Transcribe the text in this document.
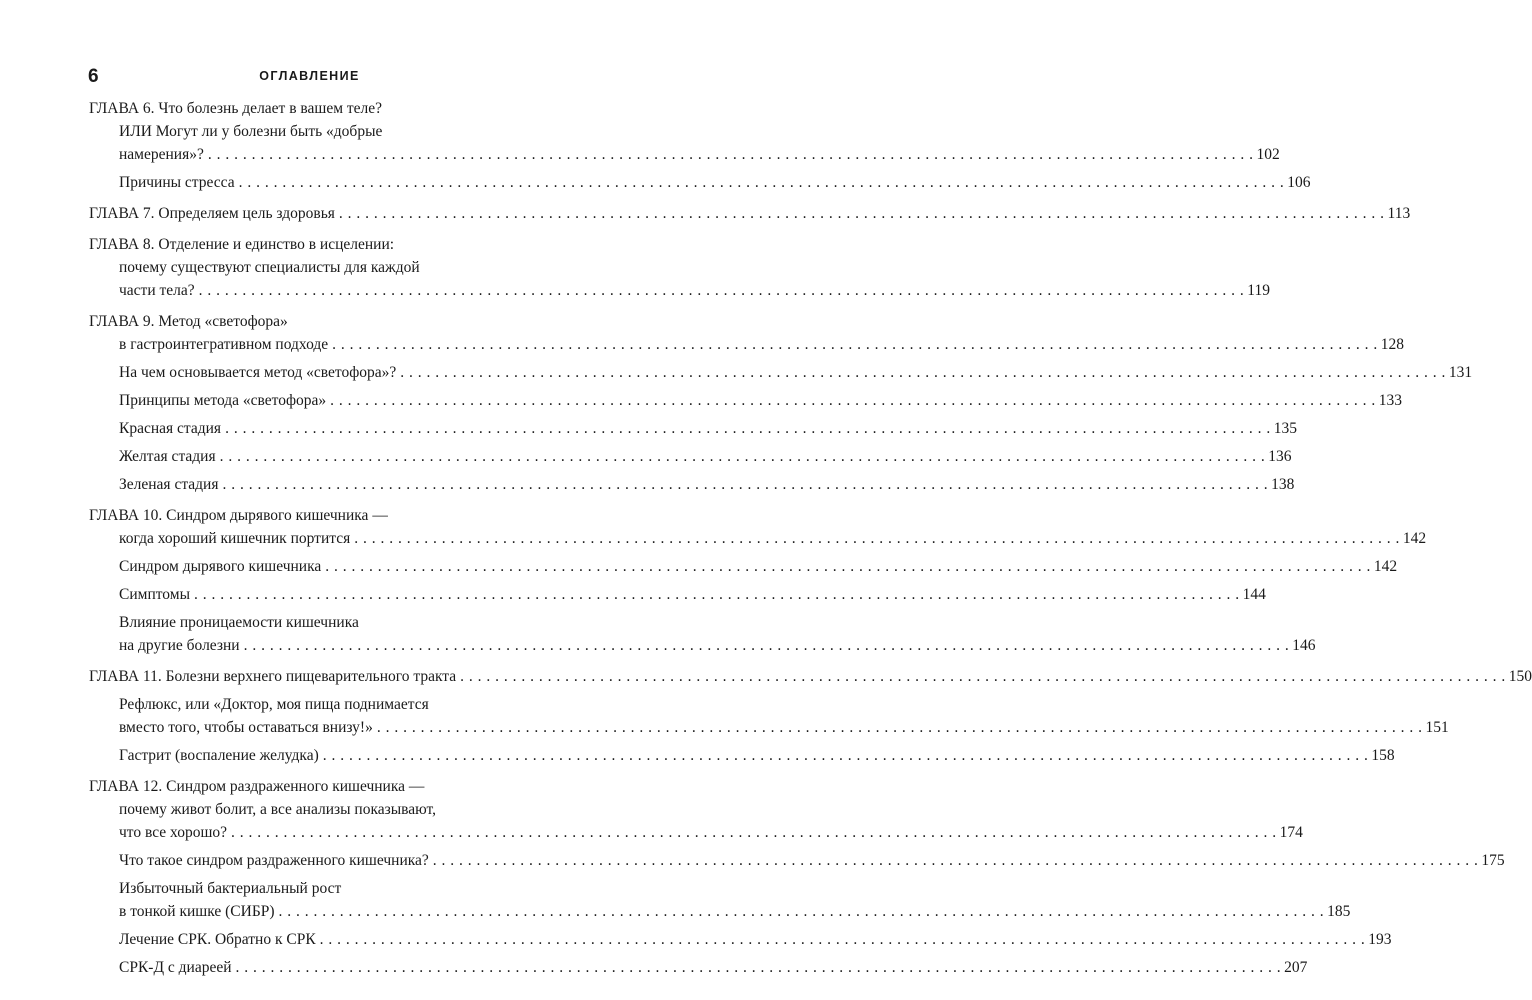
6	ОГЛАВЛЕНИЕ
ГЛАВА 6. Что болезнь делает в вашем теле?
ИЛИ Могут ли у болезни быть «добрые
намерения»? . . . . . . . . . . . . . . . . . . . . . . . . . . . . . . . . . . . . . . . . . . . . . . . . . . . . . . . . . . . . . . . . . . . . . . . . . . . . . . . . . . . . . . . . . . . . . . . . . . . . . . . . . . . . . . . . . . . . . . . . 102
Причины стресса . . . . . . . . . . . . . . . . . . . . . . . . . . . . . . . . . . . . . . . . . . . . . . . . . . . . . . . . . . . . . . . . . . . . . . . . . . . . . . . . . . . . . . . . . . . . . . . . . . . . . . . . . . . . . . . . . . . . . . . . 106
ГЛАВА 7. Определяем цель здоровья . . . . . . . . . . . . . . . . . . . . . . . . . . . . . . . . . . . . . . . . . . . . . . . . . . . . . . . . . . . . . . . . . . . . . . . . . . . . . . . . . . . . . . . . . . . . . . . . . . . . . . . . . . . . . . . . . . . . . . . . 113
ГЛАВА 8. Отделение и единство в исцелении:
почему существуют специалисты для каждой
части тела? . . . . . . . . . . . . . . . . . . . . . . . . . . . . . . . . . . . . . . . . . . . . . . . . . . . . . . . . . . . . . . . . . . . . . . . . . . . . . . . . . . . . . . . . . . . . . . . . . . . . . . . . . . . . . . . . . . . . . . . . 119
ГЛАВА 9. Метод «светофора»
в гастроинтегративном подходе . . . . . . . . . . . . . . . . . . . . . . . . . . . . . . . . . . . . . . . . . . . . . . . . . . . . . . . . . . . . . . . . . . . . . . . . . . . . . . . . . . . . . . . . . . . . . . . . . . . . . . . . . . . . . . . . . . . . . . . . 128
На чем основывается метод «светофора»? . . . . . . . . . . . . . . . . . . . . . . . . . . . . . . . . . . . . . . . . . . . . . . . . . . . . . . . . . . . . . . . . . . . . . . . . . . . . . . . . . . . . . . . . . . . . . . . . . . . . . . . . . . . . . . . . . . . . . . . . 131
Принципы метода «светофора» . . . . . . . . . . . . . . . . . . . . . . . . . . . . . . . . . . . . . . . . . . . . . . . . . . . . . . . . . . . . . . . . . . . . . . . . . . . . . . . . . . . . . . . . . . . . . . . . . . . . . . . . . . . . . . . . . . . . . . . . 133
Красная стадия . . . . . . . . . . . . . . . . . . . . . . . . . . . . . . . . . . . . . . . . . . . . . . . . . . . . . . . . . . . . . . . . . . . . . . . . . . . . . . . . . . . . . . . . . . . . . . . . . . . . . . . . . . . . . . . . . . . . . . . . 135
Желтая стадия . . . . . . . . . . . . . . . . . . . . . . . . . . . . . . . . . . . . . . . . . . . . . . . . . . . . . . . . . . . . . . . . . . . . . . . . . . . . . . . . . . . . . . . . . . . . . . . . . . . . . . . . . . . . . . . . . . . . . . . . 136
Зеленая стадия . . . . . . . . . . . . . . . . . . . . . . . . . . . . . . . . . . . . . . . . . . . . . . . . . . . . . . . . . . . . . . . . . . . . . . . . . . . . . . . . . . . . . . . . . . . . . . . . . . . . . . . . . . . . . . . . . . . . . . . . 138
ГЛАВА 10. Синдром дырявого кишечника —
когда хороший кишечник портится . . . . . . . . . . . . . . . . . . . . . . . . . . . . . . . . . . . . . . . . . . . . . . . . . . . . . . . . . . . . . . . . . . . . . . . . . . . . . . . . . . . . . . . . . . . . . . . . . . . . . . . . . . . . . . . . . . . . . . . . 142
Синдром дырявого кишечника . . . . . . . . . . . . . . . . . . . . . . . . . . . . . . . . . . . . . . . . . . . . . . . . . . . . . . . . . . . . . . . . . . . . . . . . . . . . . . . . . . . . . . . . . . . . . . . . . . . . . . . . . . . . . . . . . . . . . . . . 142
Симптомы . . . . . . . . . . . . . . . . . . . . . . . . . . . . . . . . . . . . . . . . . . . . . . . . . . . . . . . . . . . . . . . . . . . . . . . . . . . . . . . . . . . . . . . . . . . . . . . . . . . . . . . . . . . . . . . . . . . . . . . . 144
Влияние проницаемости кишечника
на другие болезни . . . . . . . . . . . . . . . . . . . . . . . . . . . . . . . . . . . . . . . . . . . . . . . . . . . . . . . . . . . . . . . . . . . . . . . . . . . . . . . . . . . . . . . . . . . . . . . . . . . . . . . . . . . . . . . . . . . . . . . . 146
ГЛАВА 11. Болезни верхнего пищеварительного тракта . . . . . . . . . . . . . . . . . . . . . . . . . . . . . . . . . . . . . . . . . . . . . . . . . . . . . . . . . . . . . . . . . . . . . . . . . . . . . . . . . . . . . . . . . . . . . . . . . . . . . . . . . . . . . . . . . . . . . . . . 150
Рефлюкс, или «Доктор, моя пища поднимается
вместо того, чтобы оставаться внизу!» . . . . . . . . . . . . . . . . . . . . . . . . . . . . . . . . . . . . . . . . . . . . . . . . . . . . . . . . . . . . . . . . . . . . . . . . . . . . . . . . . . . . . . . . . . . . . . . . . . . . . . . . . . . . . . . . . . . . . . . . 151
Гастрит (воспаление желудка) . . . . . . . . . . . . . . . . . . . . . . . . . . . . . . . . . . . . . . . . . . . . . . . . . . . . . . . . . . . . . . . . . . . . . . . . . . . . . . . . . . . . . . . . . . . . . . . . . . . . . . . . . . . . . . . . . . . . . . . . 158
ГЛАВА 12. Синдром раздраженного кишечника —
почему живот болит, а все анализы показывают,
что все хорошо? . . . . . . . . . . . . . . . . . . . . . . . . . . . . . . . . . . . . . . . . . . . . . . . . . . . . . . . . . . . . . . . . . . . . . . . . . . . . . . . . . . . . . . . . . . . . . . . . . . . . . . . . . . . . . . . . . . . . . . . . 174
Что такое синдром раздраженного кишечника? . . . . . . . . . . . . . . . . . . . . . . . . . . . . . . . . . . . . . . . . . . . . . . . . . . . . . . . . . . . . . . . . . . . . . . . . . . . . . . . . . . . . . . . . . . . . . . . . . . . . . . . . . . . . . . . . . . . . . . . . 175
Избыточный бактериальный рост
в тонкой кишке (СИБР) . . . . . . . . . . . . . . . . . . . . . . . . . . . . . . . . . . . . . . . . . . . . . . . . . . . . . . . . . . . . . . . . . . . . . . . . . . . . . . . . . . . . . . . . . . . . . . . . . . . . . . . . . . . . . . . . . . . . . . . . 185
Лечение СРК. Обратно к СРК . . . . . . . . . . . . . . . . . . . . . . . . . . . . . . . . . . . . . . . . . . . . . . . . . . . . . . . . . . . . . . . . . . . . . . . . . . . . . . . . . . . . . . . . . . . . . . . . . . . . . . . . . . . . . . . . . . . . . . . . 193
СРК-Д с диареей . . . . . . . . . . . . . . . . . . . . . . . . . . . . . . . . . . . . . . . . . . . . . . . . . . . . . . . . . . . . . . . . . . . . . . . . . . . . . . . . . . . . . . . . . . . . . . . . . . . . . . . . . . . . . . . . . . . . . . . . 207
